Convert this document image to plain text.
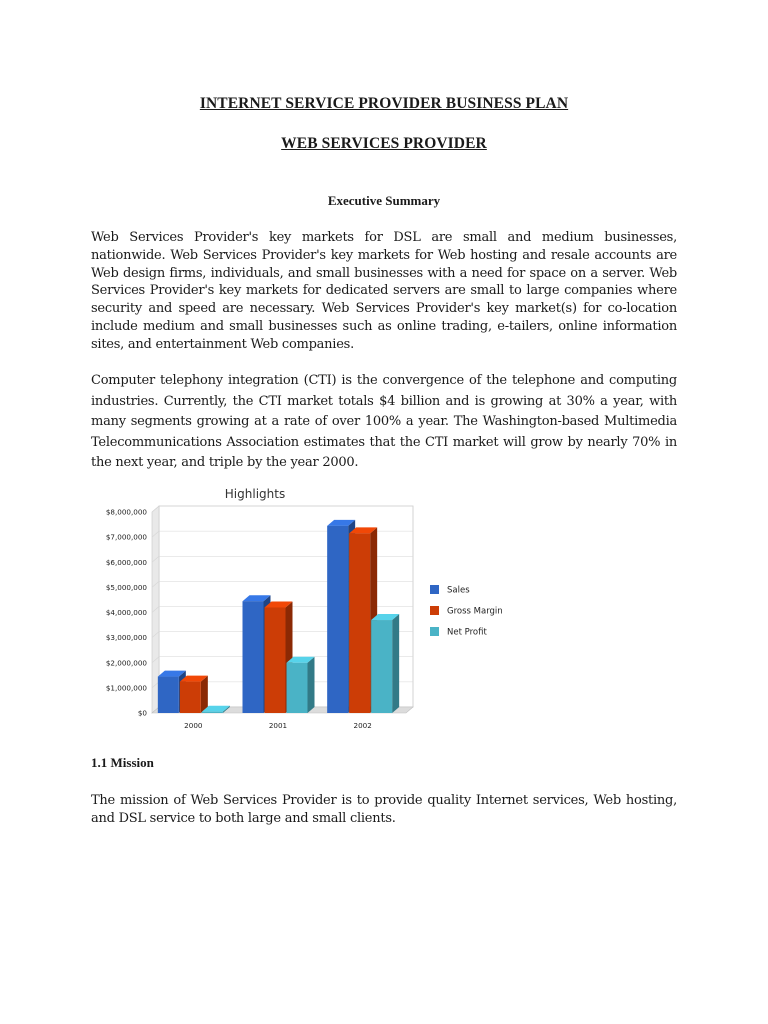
INTERNET SERVICE PROVIDER BUSINESS PLAN
WEB SERVICES PROVIDER
Executive Summary
Web Services Provider's key markets for DSL are small and medium businesses, nationwide. Web Services Provider's key markets for Web hosting and resale accounts are Web design firms, individuals, and small businesses with a need for space on a server. Web Services Provider's key markets for dedicated servers are small to large companies where security and speed are necessary. Web Services Provider's key market(s) for co-location include medium and small businesses such as online trading, e-tailers, online information sites, and entertainment Web companies.
Computer telephony integration (CTI) is the convergence of the telephone and computing industries. Currently, the CTI market totals $4 billion and is growing at 30% a year, with many segments growing at a rate of over 100% a year. The Washington-based Multimedia Telecommunications Association estimates that the CTI market will grow by nearly 70% in the next year, and triple by the year 2000.
Highlights
$0
$1,000,000
$2,000,000
$3,000,000
$4,000,000
$5,000,000
$6,000,000
$7,000,000
$8,000,000
2000	2001	2002
Sales
Gross Margin
Net Profit
1.1 Mission
The mission of Web Services Provider is to provide quality Internet services, Web hosting, and DSL service to both large and small clients.
